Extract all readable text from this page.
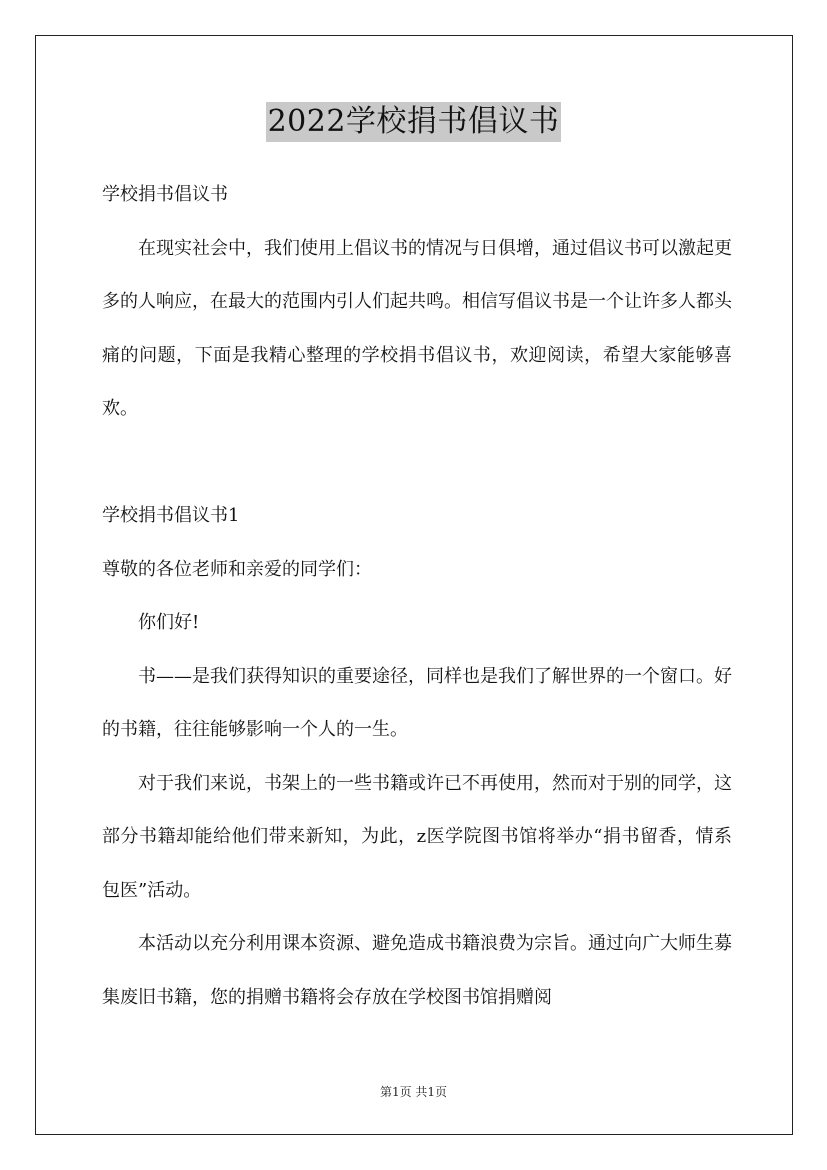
2022学校捐书倡议书

学校捐书倡议书

在现实社会中，我们使用上倡议书的情况与日俱增，通过倡议书可以激起更多的人响应，在最大的范围内引人们起共鸣。相信写倡议书是一个让许多人都头痛的问题，下面是我精心整理的学校捐书倡议书，欢迎阅读，希望大家能够喜欢。

学校捐书倡议书1

尊敬的各位老师和亲爱的同学们：

你们好!

书——是我们获得知识的重要途径，同样也是我们了解世界的一个窗口。好的书籍，往往能够影响一个人的一生。

对于我们来说，书架上的一些书籍或许已不再使用，然而对于别的同学，这部分书籍却能给他们带来新知，为此，z医学院图书馆将举办“捐书留香，情系包医”活动。

本活动以充分利用课本资源、避免造成书籍浪费为宗旨。通过向广大师生募集废旧书籍，您的捐赠书籍将会存放在学校图书馆捐赠阅

第1页 共1页
